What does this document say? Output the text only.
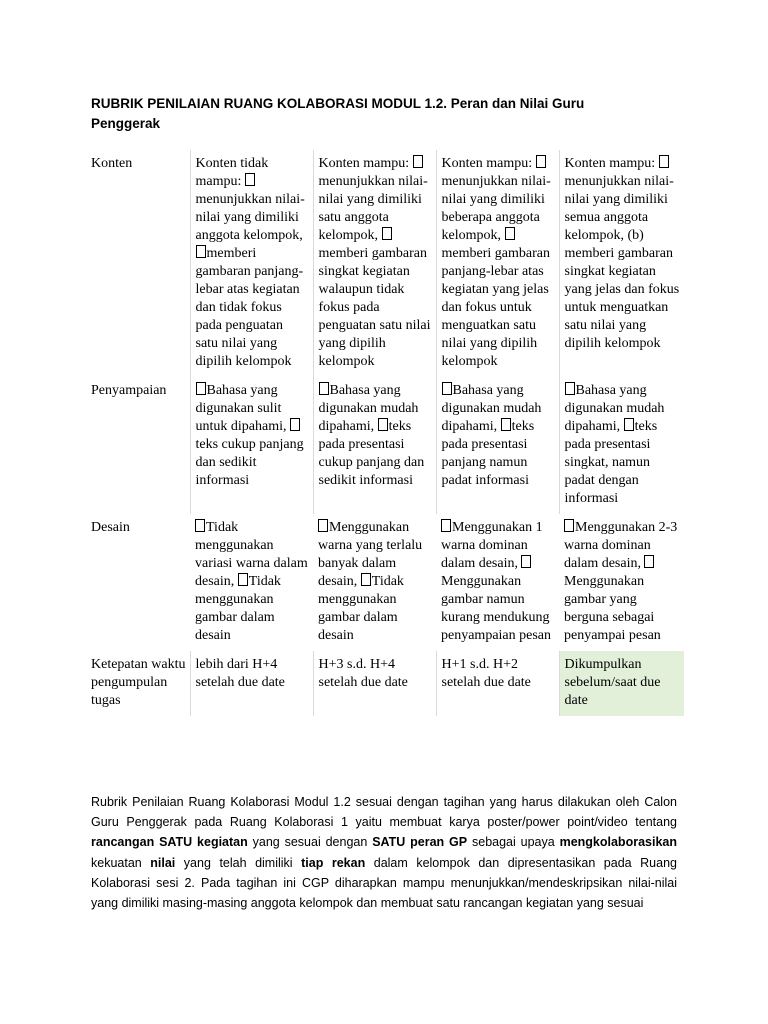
RUBRIK PENILAIAN RUANG KOLABORASI MODUL 1.2. Peran dan Nilai Guru Penggerak
Konten	Konten tidak mampu: menunjukkan nilai-nilai yang dimiliki anggota kelompok, memberi gambaran panjang-lebar atas kegiatan dan tidak fokus pada penguatan satu nilai yang dipilih kelompok	Konten mampu: menunjukkan nilai-nilai yang dimiliki satu anggota kelompok, memberi gambaran singkat kegiatan walaupun tidak fokus pada penguatan satu nilai yang dipilih kelompok	Konten mampu: menunjukkan nilai-nilai yang dimiliki beberapa anggota kelompok, memberi gambaran panjang-lebar atas kegiatan yang jelas dan fokus untuk menguatkan satu nilai yang dipilih kelompok	Konten mampu: menunjukkan nilai-nilai yang dimiliki semua anggota kelompok, (b) memberi gambaran singkat kegiatan yang jelas dan fokus untuk menguatkan satu nilai yang dipilih kelompok
Penyampaian	Bahasa yang digunakan sulit untuk dipahami, teks cukup panjang dan sedikit informasi	Bahasa yang digunakan mudah dipahami, teks pada presentasi cukup panjang dan sedikit informasi	Bahasa yang digunakan mudah dipahami, teks pada presentasi panjang namun padat informasi	Bahasa yang digunakan mudah dipahami, teks pada presentasi singkat, namun padat dengan informasi
Desain	Tidak menggunakan variasi warna dalam desain, Tidak menggunakan gambar dalam desain	Menggunakan warna yang terlalu banyak dalam desain, Tidak menggunakan gambar dalam desain	Menggunakan 1 warna dominan dalam desain, Menggunakan gambar namun kurang mendukung penyampaian pesan	Menggunakan 2-3 warna dominan dalam desain, Menggunakan gambar yang berguna sebagai penyampai pesan
Ketepatan waktu pengumpulan tugas	lebih dari H+4 setelah due date	H+3 s.d. H+4 setelah due date	H+1 s.d. H+2 setelah due date	Dikumpulkan sebelum/saat due date

Rubrik Penilaian Ruang Kolaborasi Modul 1.2 sesuai dengan tagihan yang harus dilakukan oleh Calon Guru Penggerak pada Ruang Kolaborasi 1 yaitu membuat karya poster/power point/video tentang rancangan SATU kegiatan yang sesuai dengan SATU peran GP sebagai upaya mengkolaborasikan kekuatan nilai yang telah dimiliki tiap rekan dalam kelompok dan dipresentasikan pada Ruang Kolaborasi sesi 2. Pada tagihan ini CGP diharapkan mampu menunjukkan/mendeskripsikan nilai-nilai yang dimiliki masing-masing anggota kelompok dan membuat satu rancangan kegiatan yang sesuai
